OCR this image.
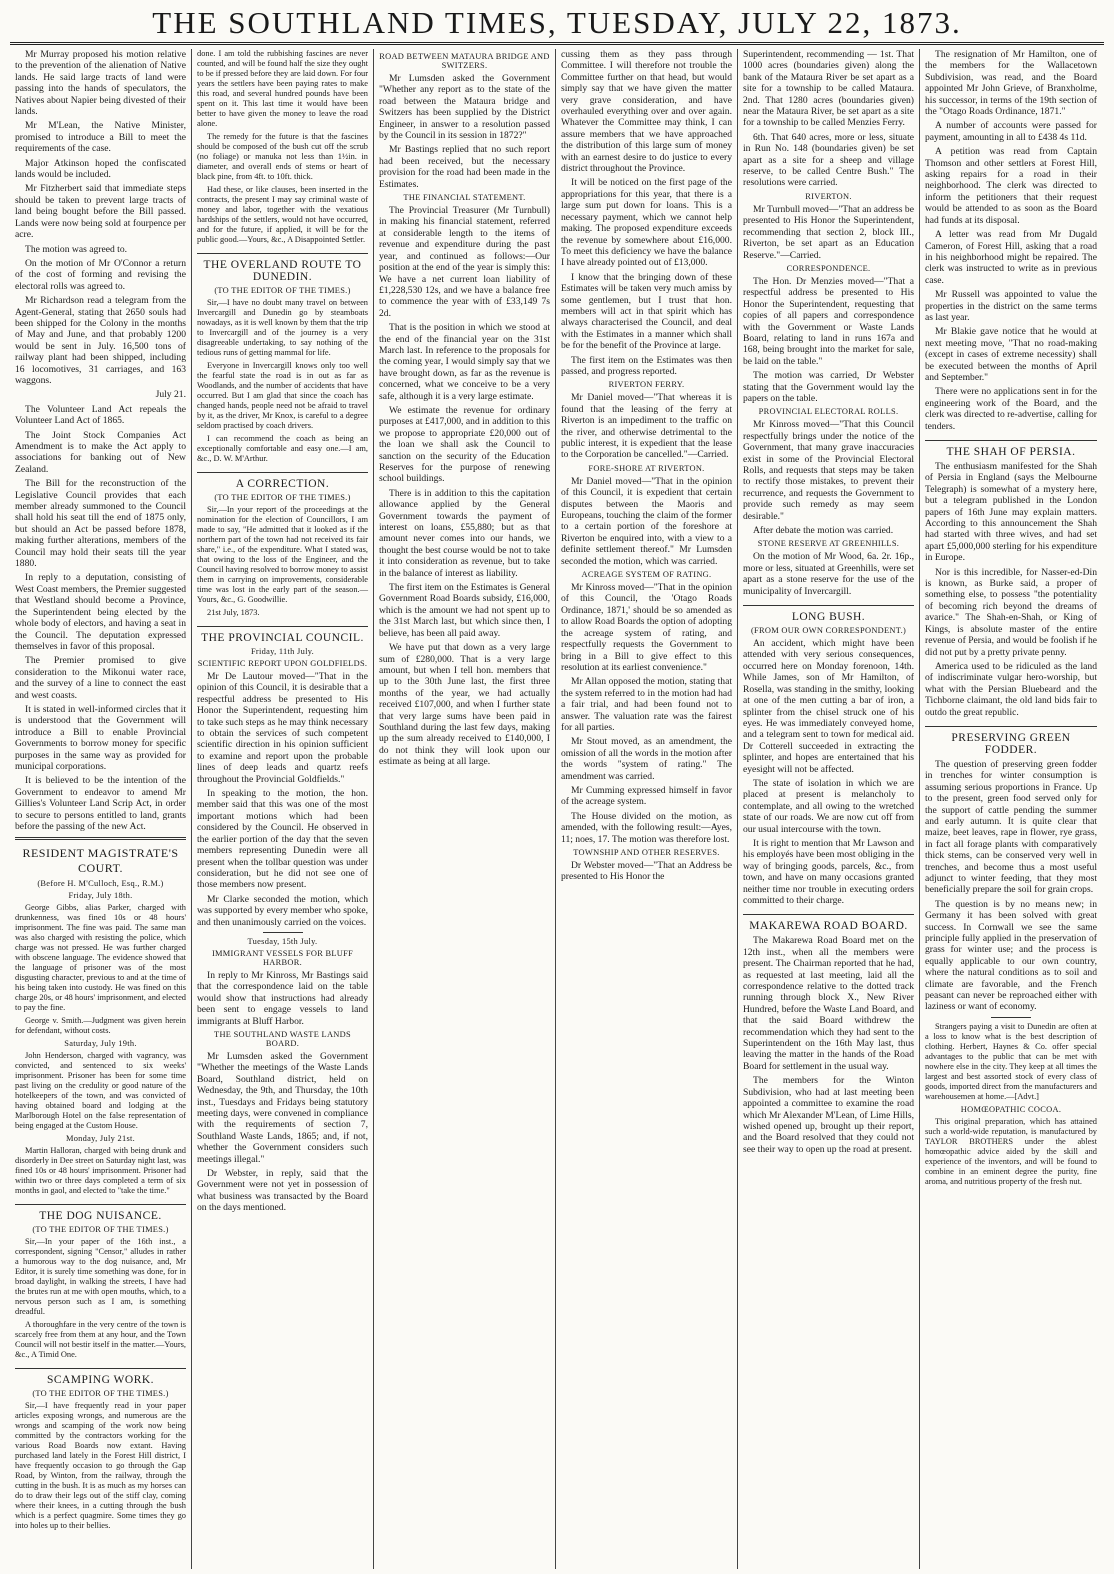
THE SOUTHLAND TIMES, TUESDAY, JULY 22, 1873.

Mr Murray proposed his motion relative to the prevention of the alienation of Native lands. He said large tracts of land were passing into the hands of speculators, the Natives about Napier being divested of their lands.

Mr M'Lean, the Native Minister, promised to introduce a Bill to meet the requirements of the case.

Major Atkinson hoped the confiscated lands would be included.

Mr Fitzherbert said that immediate steps should be taken to prevent large tracts of land being bought before the Bill passed. Lands were now being sold at fourpence per acre.

The motion was agreed to.

On the motion of Mr O'Connor a return of the cost of forming and revising the electoral rolls was agreed to.

Mr Richardson read a telegram from the Agent-General, stating that 2650 souls had been shipped for the Colony in the months of May and June, and that probably 1200 would be sent in July. 16,500 tons of railway plant had been shipped, including 16 locomotives, 31 carriages, and 163 waggons.

July 21.

The Volunteer Land Act repeals the Volunteer Land Act of 1865.

The Joint Stock Companies Act Amendment is to make the Act apply to associations for banking out of New Zealand.

The Bill for the reconstruction of the Legislative Council provides that each member already summoned to the Council shall hold his seat till the end of 1875 only, but should an Act be passed before 1878, making further alterations, members of the Council may hold their seats till the year 1880.

In reply to a deputation, consisting of West Coast members, the Premier suggested that Westland should become a Province, the Superintendent being elected by the whole body of electors, and having a seat in the Council. The deputation expressed themselves in favor of this proposal.

The Premier promised to give consideration to the Mikonui water race, and the survey of a line to connect the east and west coasts.

It is stated in well-informed circles that it is understood that the Government will introduce a Bill to enable Provincial Governments to borrow money for specific purposes in the same way as provided for municipal corporations.

It is believed to be the intention of the Government to endeavor to amend Mr Gillies's Volunteer Land Scrip Act, in order to secure to persons entitled to land, grants before the passing of the new Act.

RESIDENT MAGISTRATE'S COURT.
(Before H. M'Culloch, Esq., R.M.)
Friday, July 18th.

George Gibbs, alias Parker, charged with drunkenness, was fined 10s or 48 hours' imprisonment. The fine was paid. The same man was also charged with resisting the police, which charge was not pressed. He was further charged with obscene language. The evidence showed that the language of prisoner was of the most disgusting character, previous to and at the time of his being taken into custody. He was fined on this charge 20s, or 48 hours' imprisonment, and elected to pay the fine.

George v. Smith.—Judgment was given herein for defendant, without costs.

Saturday, July 19th.

John Henderson, charged with vagrancy, was convicted, and sentenced to six weeks' imprisonment. Prisoner has been for some time past living on the credulity or good nature of the hotelkeepers of the town, and was convicted of having obtained board and lodging at the Marlborough Hotel on the false representation of being engaged at the Custom House.

Monday, July 21st.

Martin Halloran, charged with being drunk and disorderly in Dee street on Saturday night last, was fined 10s or 48 hours' imprisonment. Prisoner had within two or three days completed a term of six months in gaol, and elected to "take the time."

THE DOG NUISANCE.
(TO THE EDITOR OF THE TIMES.)

Sir,—In your paper of the 16th inst., a correspondent, signing "Censor," alludes in rather a humorous way to the dog nuisance, and, Mr Editor, it is surely time something was done, for in broad daylight, in walking the streets, I have had the brutes run at me with open mouths, which, to a nervous person such as I am, is something dreadful.

A thoroughfare in the very centre of the town is scarcely free from them at any hour, and the Town Council will not bestir itself in the matter.—Yours, &c., A Timid One.

SCAMPING WORK.
(TO THE EDITOR OF THE TIMES.)

Sir,—I have frequently read in your paper articles exposing wrongs, and numerous are the wrongs and scamping of the work now being committed by the contractors working for the various Road Boards now extant. Having purchased land lately in the Forest Hill district, I have frequently occasion to go through the Gap Road, by Winton, from the railway, through the cutting in the bush. It is as much as my horses can do to draw their legs out of the stiff clay, coming where their knees, in a cutting through the bush which is a perfect quagmire. Some times they go into holes up to their bellies.

done. I am told the rubbishing fascines are never counted, and will be found half the size they ought to be if pressed before they are laid down. For four years the settlers have been paying rates to make this road, and several hundred pounds have been spent on it. This last time it would have been better to have given the money to leave the road alone.

The remedy for the future is that the fascines should be composed of the bush cut off the scrub (no foliage) or manuka not less than 1½in. in diameter, and overall ends of stems or heart of black pine, from 4ft. to 10ft. thick.

Had these, or like clauses, been inserted in the contracts, the present I may say criminal waste of money and labor, together with the vexatious hardships of the settlers, would not have occurred, and for the future, if applied, it will be for the public good.—Yours, &c., A Disappointed Settler.

THE OVERLAND ROUTE TO DUNEDIN.
(TO THE EDITOR OF THE TIMES.)

Sir,—I have no doubt many travel on between Invercargill and Dunedin go by steamboats nowadays, as it is well known by them that the trip to Invercargill and of the journey is a very disagreeable undertaking, to say nothing of the tedious runs of getting mammal for life.

Everyone in Invercargill knows only too well the fearful state the road is in out as far as Woodlands, and the number of accidents that have occurred. But I am glad that since the coach has changed hands, people need not be afraid to travel by it, as the driver, Mr Knox, is careful to a degree seldom practised by coach drivers.

I can recommend the coach as being an exceptionally comfortable and easy one.—I am, &c., D. W. M'Arthur.

A CORRECTION.
(TO THE EDITOR OF THE TIMES.)

Sir,—In your report of the proceedings at the nomination for the election of Councillors, I am made to say, "He admitted that it looked as if the northern part of the town had not received its fair share," i.e., of the expenditure. What I stated was, that owing to the loss of the Engineer, and the Council having resolved to borrow money to assist them in carrying on improvements, considerable time was lost in the early part of the season.—Yours, &c., G. Goodwillie.

21st July, 1873.

THE PROVINCIAL COUNCIL.
Friday, 11th July.
SCIENTIFIC REPORT UPON GOLDFIELDS.

Mr De Lautour moved—"That in the opinion of this Council, it is desirable that a respectful address be presented to His Honor the Superintendent, requesting him to take such steps as he may think necessary to obtain the services of such competent scientific direction in his opinion sufficient to examine and report upon the probable lines of deep leads and quartz reefs throughout the Provincial Goldfields."

In speaking to the motion, the hon. member said that this was one of the most important motions which had been considered by the Council. He observed in the earlier portion of the day that the seven members representing Dunedin were all present when the tollbar question was under consideration, but he did not see one of those members now present.

Mr Clarke seconded the motion, which was supported by every member who spoke, and then unanimously carried on the voices.

Tuesday, 15th July.
IMMIGRANT VESSELS FOR BLUFF HARBOR.

In reply to Mr Kinross, Mr Bastings said that the correspondence laid on the table would show that instructions had already been sent to engage vessels to land immigrants at Bluff Harbor.

THE SOUTHLAND WASTE LANDS BOARD.

Mr Lumsden asked the Government "Whether the meetings of the Waste Lands Board, Southland district, held on Wednesday, the 9th, and Thursday, the 10th inst., Tuesdays and Fridays being statutory meeting days, were convened in compliance with the requirements of section 7, Southland Waste Lands, 1865; and, if not, whether the Government considers such meetings illegal."

Dr Webster, in reply, said that the Government were not yet in possession of what business was transacted by the Board on the days mentioned.

ROAD BETWEEN MATAURA BRIDGE AND SWITZERS.

Mr Lumsden asked the Government "Whether any report as to the state of the road between the Mataura bridge and Switzers has been supplied by the District Engineer, in answer to a resolution passed by the Council in its session in 1872?"

Mr Bastings replied that no such report had been received, but the necessary provision for the road had been made in the Estimates.

THE FINANCIAL STATEMENT.

The Provincial Treasurer (Mr Turnbull) in making his financial statement, referred at considerable length to the items of revenue and expenditure during the past year, and continued as follows:—Our position at the end of the year is simply this: We have a net current loan liability of £1,228,530 12s, and we have a balance free to commence the year with of £33,149 7s 2d.

That is the position in which we stood at the end of the financial year on the 31st March last. In reference to the proposals for the coming year, I would simply say that we have brought down, as far as the revenue is concerned, what we conceive to be a very safe, although it is a very large estimate.

We estimate the revenue for ordinary purposes at £417,000, and in addition to this we propose to appropriate £20,000 out of the loan we shall ask the Council to sanction on the security of the Education Reserves for the purpose of renewing school buildings.

There is in addition to this the capitation allowance applied by the General Government towards the payment of interest on loans, £55,880; but as that amount never comes into our hands, we thought the best course would be not to take it into consideration as revenue, but to take in the balance of interest as liability.

The first item on the Estimates is General Government Road Boards subsidy, £16,000, which is the amount we had not spent up to the 31st March last, but which since then, I believe, has been all paid away.

We have put that down as a very large sum of £280,000. That is a very large amount, but when I tell hon. members that up to the 30th June last, the first three months of the year, we had actually received £107,000, and when I further state that very large sums have been paid in Southland during the last few days, making up the sum already received to £140,000, I do not think they will look upon our estimate as being at all large.

cussing them as they pass through Committee. I will therefore not trouble the Committee further on that head, but would simply say that we have given the matter very grave consideration, and have overhauled everything over and over again. Whatever the Committee may think, I can assure members that we have approached the distribution of this large sum of money with an earnest desire to do justice to every district throughout the Province.

It will be noticed on the first page of the appropriations for this year, that there is a large sum put down for loans. This is a necessary payment, which we cannot help making. The proposed expenditure exceeds the revenue by somewhere about £16,000. To meet this deficiency we have the balance I have already pointed out of £13,000.

I know that the bringing down of these Estimates will be taken very much amiss by some gentlemen, but I trust that hon. members will act in that spirit which has always characterised the Council, and deal with the Estimates in a manner which shall be for the benefit of the Province at large.

The first item on the Estimates was then passed, and progress reported.

RIVERTON FERRY.

Mr Daniel moved—"That whereas it is found that the leasing of the ferry at Riverton is an impediment to the traffic on the river, and otherwise detrimental to the public interest, it is expedient that the lease to the Corporation be cancelled."—Carried.

FORE-SHORE AT RIVERTON.

Mr Daniel moved—"That in the opinion of this Council, it is expedient that certain disputes between the Maoris and Europeans, touching the claim of the former to a certain portion of the foreshore at Riverton be enquired into, with a view to a definite settlement thereof." Mr Lumsden seconded the motion, which was carried.

ACREAGE SYSTEM OF RATING.

Mr Kinross moved—"That in the opinion of this Council, the 'Otago Roads Ordinance, 1871,' should be so amended as to allow Road Boards the option of adopting the acreage system of rating, and respectfully requests the Government to bring in a Bill to give effect to this resolution at its earliest convenience."

Mr Allan opposed the motion, stating that the system referred to in the motion had had a fair trial, and had been found not to answer. The valuation rate was the fairest for all parties.

Mr Stout moved, as an amendment, the omission of all the words in the motion after the words "system of rating." The amendment was carried.

Mr Cumming expressed himself in favor of the acreage system.

The House divided on the motion, as amended, with the following result:—Ayes, 11; noes, 17. The motion was therefore lost.

TOWNSHIP AND OTHER RESERVES.

Dr Webster moved—"That an Address be presented to His Honor the

Superintendent, recommending — 1st. That 1000 acres (boundaries given) along the bank of the Mataura River be set apart as a site for a township to be called Mataura. 2nd. That 1280 acres (boundaries given) near the Mataura River, be set apart as a site for a township to be called Menzies Ferry.

6th. That 640 acres, more or less, situate in Run No. 148 (boundaries given) be set apart as a site for a sheep and village reserve, to be called Centre Bush." The resolutions were carried.

RIVERTON.

Mr Turnbull moved—"That an address be presented to His Honor the Superintendent, recommending that section 2, block III., Riverton, be set apart as an Education Reserve."—Carried.

CORRESPONDENCE.

The Hon. Dr Menzies moved—"That a respectful address be presented to His Honor the Superintendent, requesting that copies of all papers and correspondence with the Government or Waste Lands Board, relating to land in runs 167a and 168, being brought into the market for sale, be laid on the table."

The motion was carried, Dr Webster stating that the Government would lay the papers on the table.

PROVINCIAL ELECTORAL ROLLS.

Mr Kinross moved—"That this Council respectfully brings under the notice of the Government, that many grave inaccuracies exist in some of the Provincial Electoral Rolls, and requests that steps may be taken to rectify those mistakes, to prevent their recurrence, and requests the Government to provide such remedy as may seem desirable."

After debate the motion was carried.

STONE RESERVE AT GREENHILLS.

On the motion of Mr Wood, 6a. 2r. 16p., more or less, situated at Greenhills, were set apart as a stone reserve for the use of the municipality of Invercargill.

LONG BUSH.
(FROM OUR OWN CORRESPONDENT.)

An accident, which might have been attended with very serious consequences, occurred here on Monday forenoon, 14th. While James, son of Mr Hamilton, of Rosella, was standing in the smithy, looking at one of the men cutting a bar of iron, a splinter from the chisel struck one of his eyes. He was immediately conveyed home, and a telegram sent to town for medical aid. Dr Cotterell succeeded in extracting the splinter, and hopes are entertained that his eyesight will not be affected.

The state of isolation in which we are placed at present is melancholy to contemplate, and all owing to the wretched state of our roads. We are now cut off from our usual intercourse with the town.

It is right to mention that Mr Lawson and his employés have been most obliging in the way of bringing goods, parcels, &c., from town, and have on many occasions granted neither time nor trouble in executing orders committed to their charge.

MAKAREWA ROAD BOARD.

The Makarewa Road Board met on the 12th inst., when all the members were present. The Chairman reported that he had, as requested at last meeting, laid all the correspondence relative to the dotted track running through block X., New River Hundred, before the Waste Land Board, and that the said Board withdrew the recommendation which they had sent to the Superintendent on the 16th May last, thus leaving the matter in the hands of the Road Board for settlement in the usual way.

The members for the Winton Subdivision, who had at last meeting been appointed a committee to examine the road which Mr Alexander M'Lean, of Lime Hills, wished opened up, brought up their report, and the Board resolved that they could not see their way to open up the road at present.

The resignation of Mr Hamilton, one of the members for the Wallacetown Subdivision, was read, and the Board appointed Mr John Grieve, of Branxholme, his successor, in terms of the 19th section of the "Otago Roads Ordinance, 1871."

A number of accounts were passed for payment, amounting in all to £438 4s 11d.

A petition was read from Captain Thomson and other settlers at Forest Hill, asking repairs for a road in their neighborhood. The clerk was directed to inform the petitioners that their request would be attended to as soon as the Board had funds at its disposal.

A letter was read from Mr Dugald Cameron, of Forest Hill, asking that a road in his neighborhood might be repaired. The clerk was instructed to write as in previous case.

Mr Russell was appointed to value the properties in the district on the same terms as last year.

Mr Blakie gave notice that he would at next meeting move, "That no road-making (except in cases of extreme necessity) shall be executed between the months of April and September."

There were no applications sent in for the engineering work of the Board, and the clerk was directed to re-advertise, calling for tenders.

THE SHAH OF PERSIA.

The enthusiasm manifested for the Shah of Persia in England (says the Melbourne Telegraph) is somewhat of a mystery here, but a telegram published in the London papers of 16th June may explain matters. According to this announcement the Shah had started with three wives, and had set apart £5,000,000 sterling for his expenditure in Europe.

Nor is this incredible, for Nasser-ed-Din is known, as Burke said, a proper of something else, to possess "the potentiality of becoming rich beyond the dreams of avarice." The Shah-en-Shah, or King of Kings, is absolute master of the entire revenue of Persia, and would be foolish if he did not put by a pretty private penny.

America used to be ridiculed as the land of indiscriminate vulgar hero-worship, but what with the Persian Bluebeard and the Tichborne claimant, the old land bids fair to outdo the great republic.

PRESERVING GREEN FODDER.

The question of preserving green fodder in trenches for winter consumption is assuming serious proportions in France. Up to the present, green food served only for the support of cattle pending the summer and early autumn. It is quite clear that maize, beet leaves, rape in flower, rye grass, in fact all forage plants with comparatively thick stems, can be conserved very well in trenches, and become thus a most useful adjunct to winter feeding, that they most beneficially prepare the soil for grain crops.

The question is by no means new; in Germany it has been solved with great success. In Cornwall we see the same principle fully applied in the preservation of grass for winter use; and the process is equally applicable to our own country, where the natural conditions as to soil and climate are favorable, and the French peasant can never be reproached either with laziness or want of economy.

Strangers paying a visit to Dunedin are often at a loss to know what is the best description of clothing. Herbert, Haynes & Co. offer special advantages to the public that can be met with nowhere else in the city. They keep at all times the largest and best assorted stock of every class of goods, imported direct from the manufacturers and warehousemen at home.—[Advt.]

HOMŒOPATHIC COCOA.

This original preparation, which has attained such a world-wide reputation, is manufactured by TAYLOR BROTHERS under the ablest homœopathic advice aided by the skill and experience of the inventors, and will be found to combine in an eminent degree the purity, fine aroma, and nutritious property of the fresh nut.
